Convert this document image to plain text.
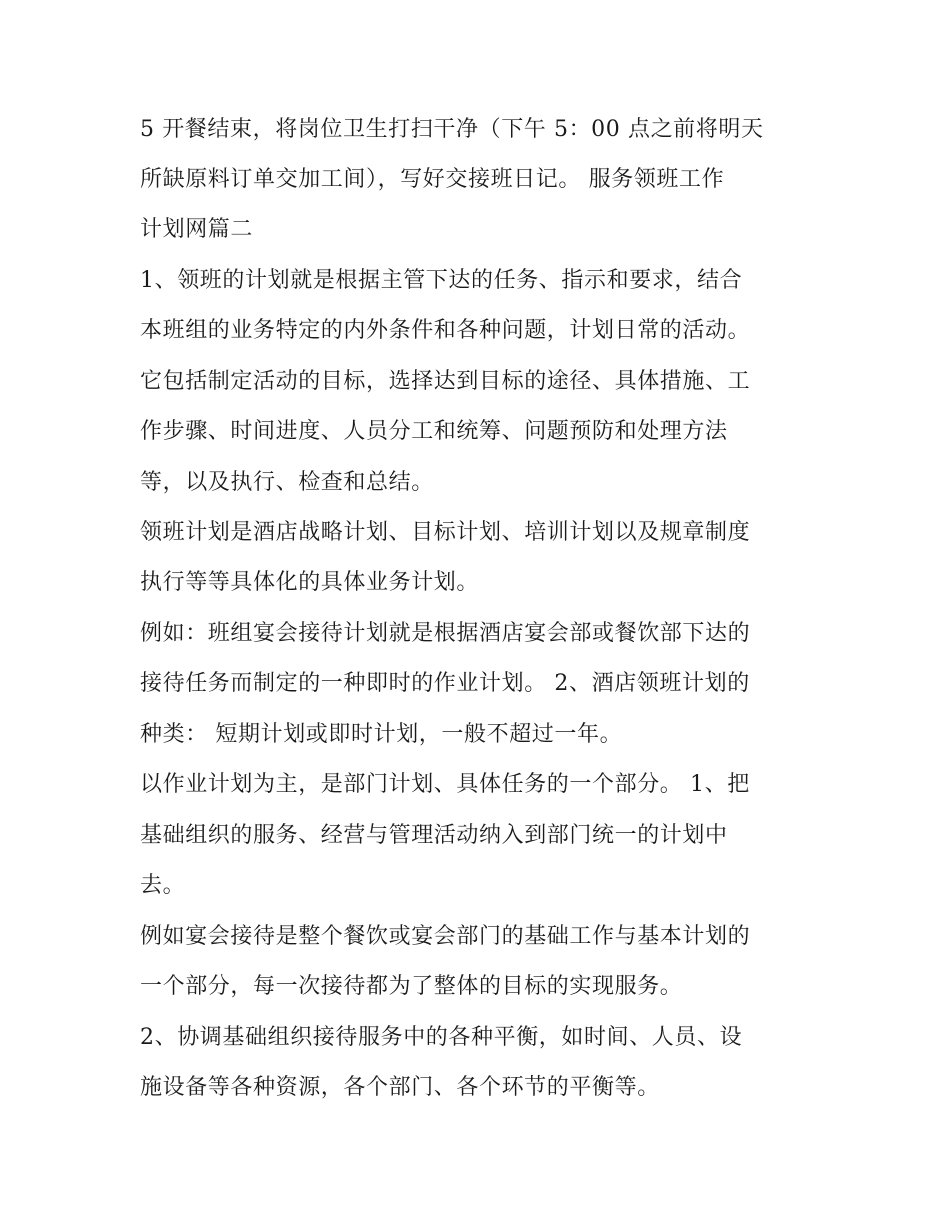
5 开餐结束，将岗位卫生打扫干净（下午 5：00 点之前将明天

所缺原料订单交加工间），写好交接班日记。 服务领班工作

计划网篇二

1、领班的计划就是根据主管下达的任务、指示和要求，结合

本班组的业务特定的内外条件和各种问题，计划日常的活动。

它包括制定活动的目标，选择达到目标的途径、具体措施、工

作步骤、时间进度、人员分工和统筹、问题预防和处理方法

等，以及执行、检查和总结。

领班计划是酒店战略计划、目标计划、培训计划以及规章制度

执行等等具体化的具体业务计划。

例如：班组宴会接待计划就是根据酒店宴会部或餐饮部下达的

接待任务而制定的一种即时的作业计划。 2、酒店领班计划的

种类： 短期计划或即时计划，一般不超过一年。

以作业计划为主，是部门计划、具体任务的一个部分。 1、把

基础组织的服务、经营与管理活动纳入到部门统一的计划中

去。

例如宴会接待是整个餐饮或宴会部门的基础工作与基本计划的

一个部分，每一次接待都为了整体的目标的实现服务。

2、协调基础组织接待服务中的各种平衡，如时间、人员、设

施设备等各种资源，各个部门、各个环节的平衡等。
